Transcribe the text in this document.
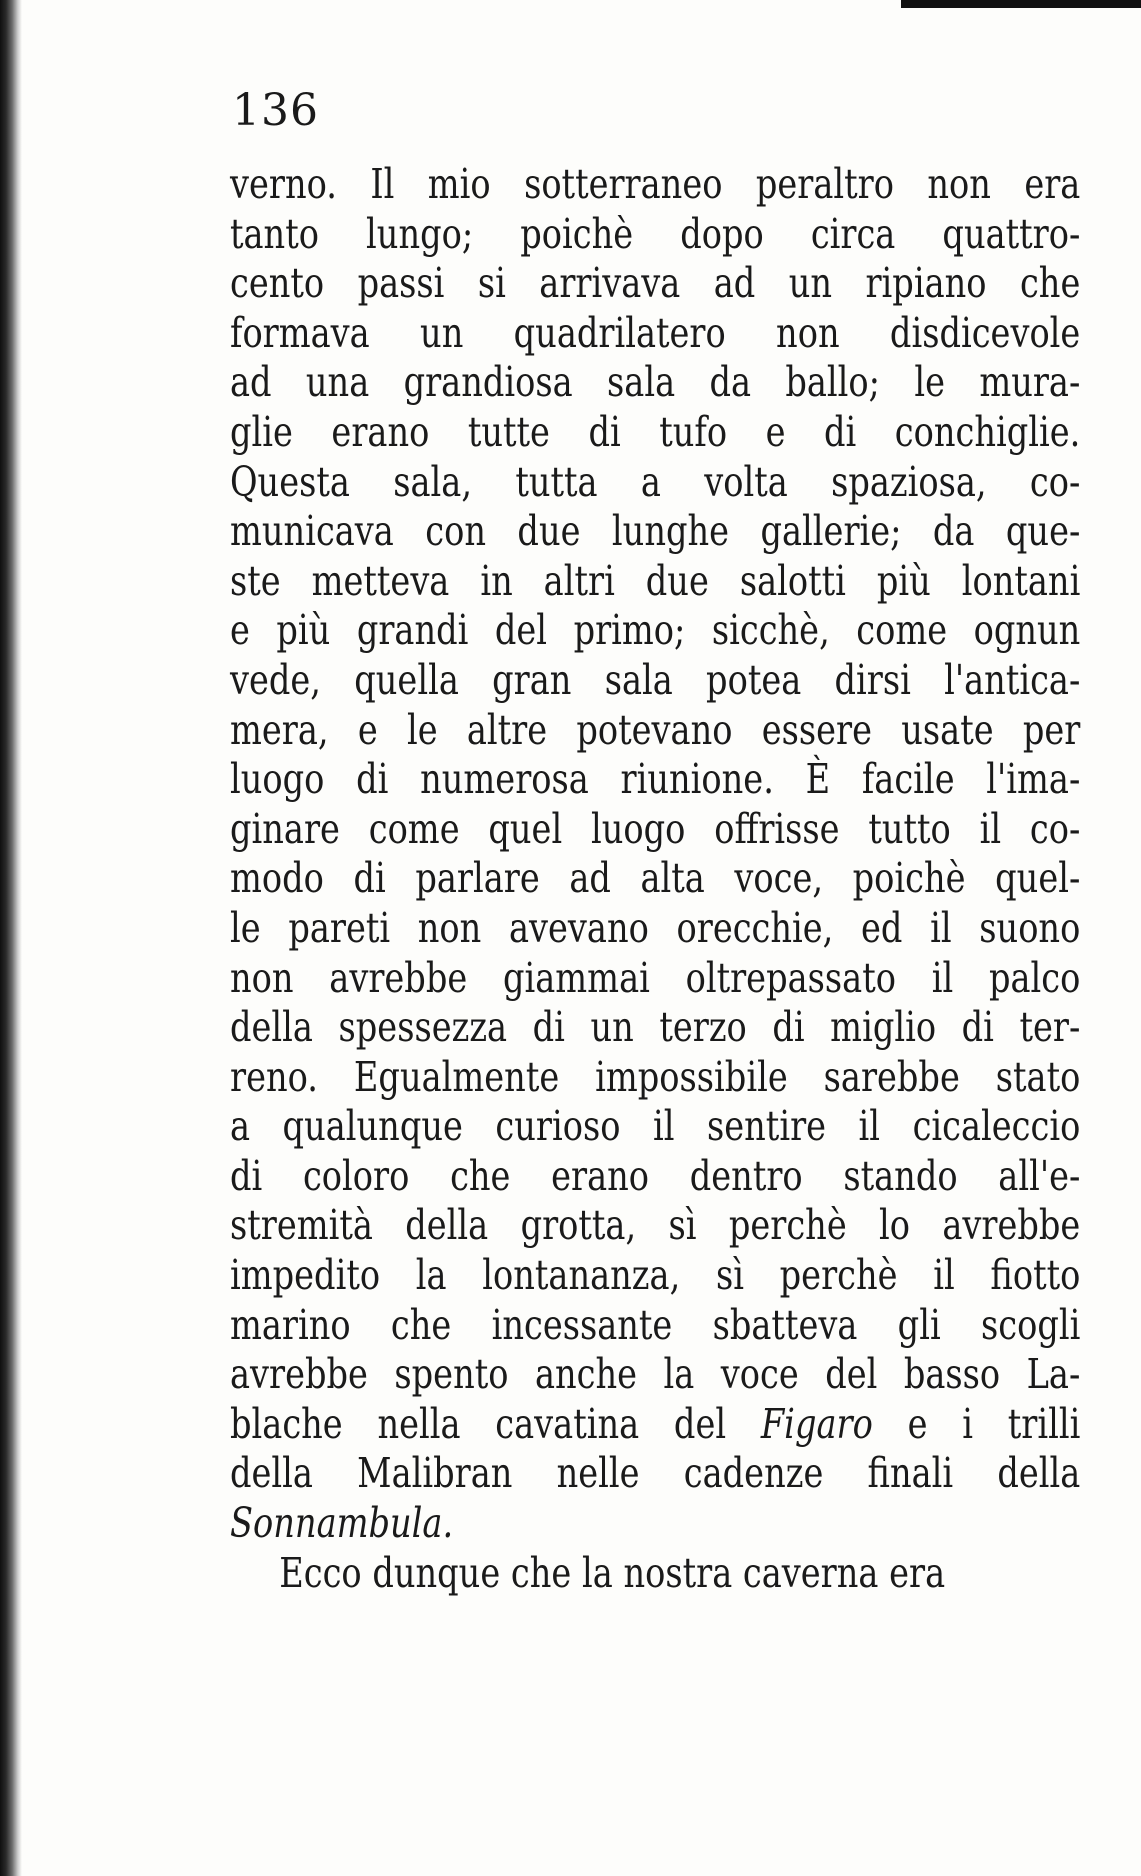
136
verno. Il mio sotterraneo peraltro non era
tanto lungo; poichè dopo circa quattro-
cento passi si arrivava ad un ripiano che
formava un quadrilatero non disdicevole
ad una grandiosa sala da ballo; le mura-
glie erano tutte di tufo e di conchiglie.
Questa sala, tutta a volta spaziosa, co-
municava con due lunghe gallerie; da que-
ste metteva in altri due salotti più lontani
e più grandi del primo; sicchè, come ognun
vede, quella gran sala potea dirsi l'antica-
mera, e le altre potevano essere usate per
luogo di numerosa riunione. È facile l'ima-
ginare come quel luogo offrisse tutto il co-
modo di parlare ad alta voce, poichè quel-
le pareti non avevano orecchie, ed il suono
non avrebbe giammai oltrepassato il palco
della spessezza di un terzo di miglio di ter-
reno. Egualmente impossibile sarebbe stato
a qualunque curioso il sentire il cicaleccio
di coloro che erano dentro stando all'e-
stremità della grotta, sì perchè lo avrebbe
impedito la lontananza, sì perchè il fiotto
marino che incessante sbatteva gli scogli
avrebbe spento anche la voce del basso La-
blache nella cavatina del Figaro e i trilli
della Malibran nelle cadenze finali della
Sonnambula.
Ecco dunque che la nostra caverna era
